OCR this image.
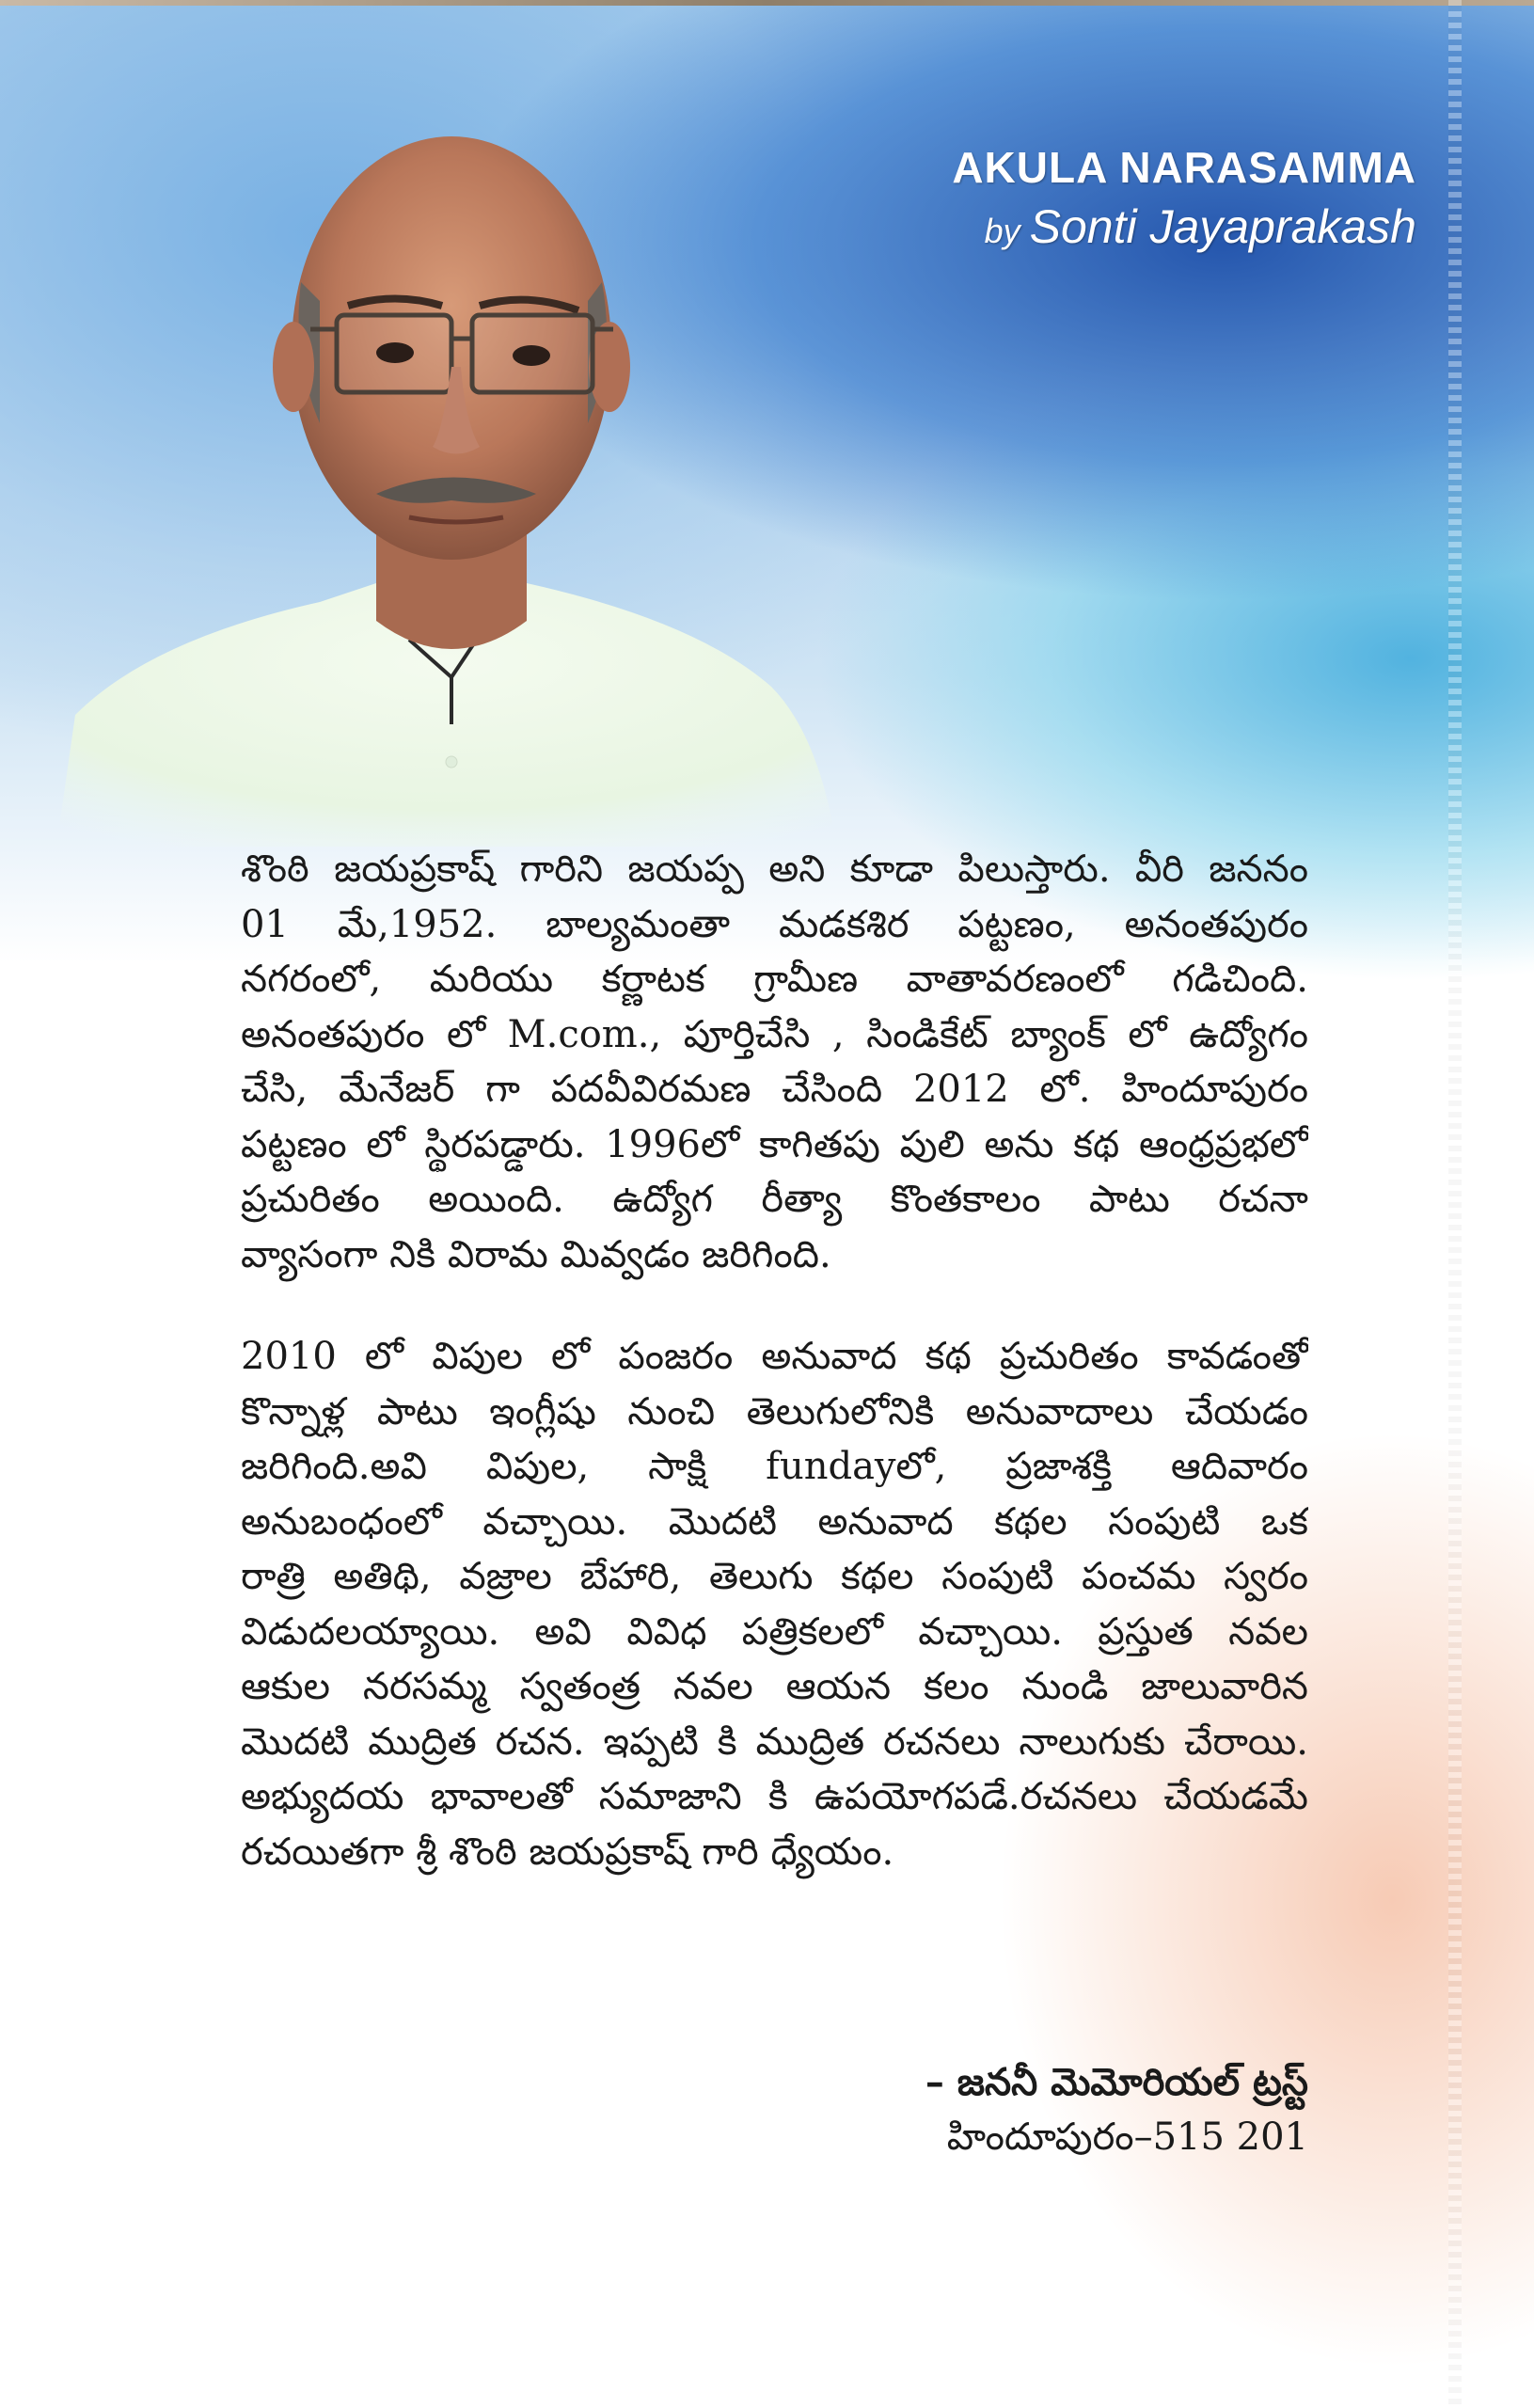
AKULA NARASAMMA
by Sonti Jayaprakash
శొంఠి జయప్రకాష్ గారిని జయప్ప అని కూడా పిలుస్తారు. వీరి జననం
01 మే,1952. బాల్యమంతా మడకశిర పట్టణం, అనంతపురం
నగరంలో, మరియు కర్ణాటక గ్రామీణ వాతావరణంలో గడిచింది.
అనంతపురం లో M.com., పూర్తిచేసి , సిండికేట్ బ్యాంక్ లో ఉద్యోగం
చేసి, మేనేజర్ గా పదవీవిరమణ చేసింది 2012 లో. హిందూపురం
పట్టణం లో స్థిరపడ్డారు. 1996లో కాగితపు పులి అను కథ ఆంధ్రప్రభలో
ప్రచురితం అయింది. ఉద్యోగ రీత్యా కొంతకాలం పాటు రచనా
వ్యాసంగా నికి విరామ మివ్వడం జరిగింది.
2010 లో విపుల లో పంజరం అనువాద కథ ప్రచురితం కావడంతో
కొన్నాళ్ల పాటు ఇంగ్లీషు నుంచి తెలుగులోనికి అనువాదాలు చేయడం
జరిగింది.అవి విపుల, సాక్షి fundayలో, ప్రజాశక్తి ఆదివారం
అనుబంధంలో వచ్చాయి. మొదటి అనువాద కథల సంపుటి ఒక
రాత్రి అతిథి, వజ్రాల బేహారి, తెలుగు కథల సంపుటి పంచమ స్వరం
విడుదలయ్యాయి. అవి వివిధ పత్రికలలో వచ్చాయి. ప్రస్తుత నవల
ఆకుల నరసమ్మ స్వతంత్ర నవల ఆయన కలం నుండి జాలువారిన
మొదటి ముద్రిత రచన. ఇప్పటి కి ముద్రిత రచనలు నాలుగుకు చేరాయి.
అభ్యుదయ భావాలతో సమాజాని కి ఉపయోగపడే.రచనలు చేయడమే
రచయితగా శ్రీ శొంఠి జయప్రకాష్ గారి ధ్యేయం.
– జననీ మెమోరియల్ ట్రస్ట్
హిందూపురం–515 201
